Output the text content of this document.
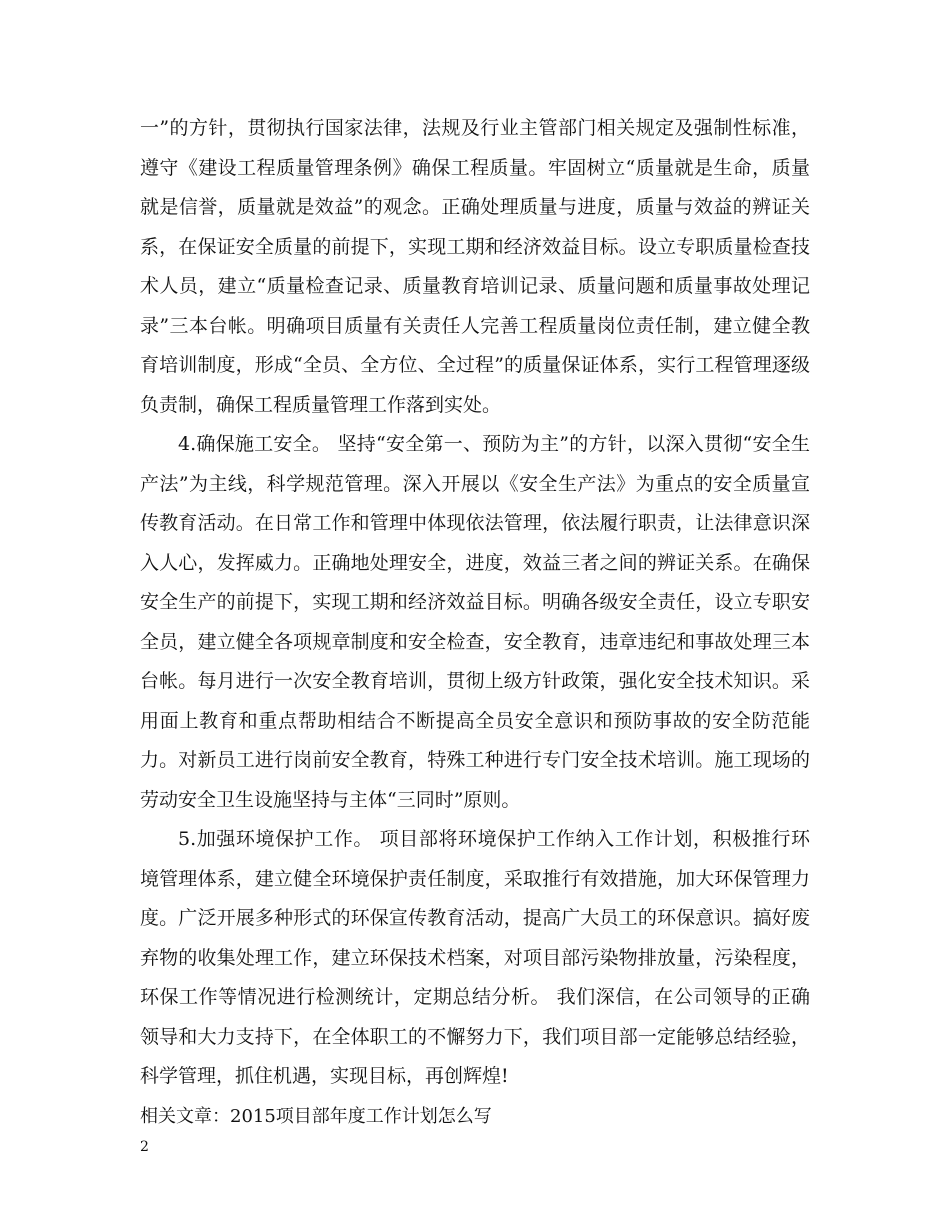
一”的方针，贯彻执行国家法律，法规及行业主管部门相关规定及强制性标准，遵守《建设工程质量管理条例》确保工程质量。牢固树立“质量就是生命，质量就是信誉，质量就是效益”的观念。正确处理质量与进度，质量与效益的辨证关系，在保证安全质量的前提下，实现工期和经济效益目标。设立专职质量检查技术人员，建立“质量检查记录、质量教育培训记录、质量问题和质量事故处理记录”三本台帐。明确项目质量有关责任人完善工程质量岗位责任制，建立健全教育培训制度，形成“全员、全方位、全过程”的质量保证体系，实行工程管理逐级负责制，确保工程质量管理工作落到实处。

4.确保施工安全。 坚持“安全第一、预防为主”的方针，以深入贯彻“安全生产法”为主线，科学规范管理。深入开展以《安全生产法》为重点的安全质量宣传教育活动。在日常工作和管理中体现依法管理，依法履行职责，让法律意识深入人心，发挥威力。正确地处理安全，进度，效益三者之间的辨证关系。在确保安全生产的前提下，实现工期和经济效益目标。明确各级安全责任，设立专职安全员，建立健全各项规章制度和安全检查，安全教育，违章违纪和事故处理三本台帐。每月进行一次安全教育培训，贯彻上级方针政策，强化安全技术知识。采用面上教育和重点帮助相结合不断提高全员安全意识和预防事故的安全防范能力。对新员工进行岗前安全教育，特殊工种进行专门安全技术培训。施工现场的劳动安全卫生设施坚持与主体“三同时”原则。

5.加强环境保护工作。 项目部将环境保护工作纳入工作计划，积极推行环境管理体系，建立健全环境保护责任制度，采取推行有效措施，加大环保管理力度。广泛开展多种形式的环保宣传教育活动，提高广大员工的环保意识。搞好废弃物的收集处理工作，建立环保技术档案，对项目部污染物排放量，污染程度，环保工作等情况进行检测统计，定期总结分析。 我们深信，在公司领导的正确领导和大力支持下，在全体职工的不懈努力下，我们项目部一定能够总结经验，科学管理，抓住机遇，实现目标，再创辉煌!

相关文章：2015项目部年度工作计划怎么写

2
